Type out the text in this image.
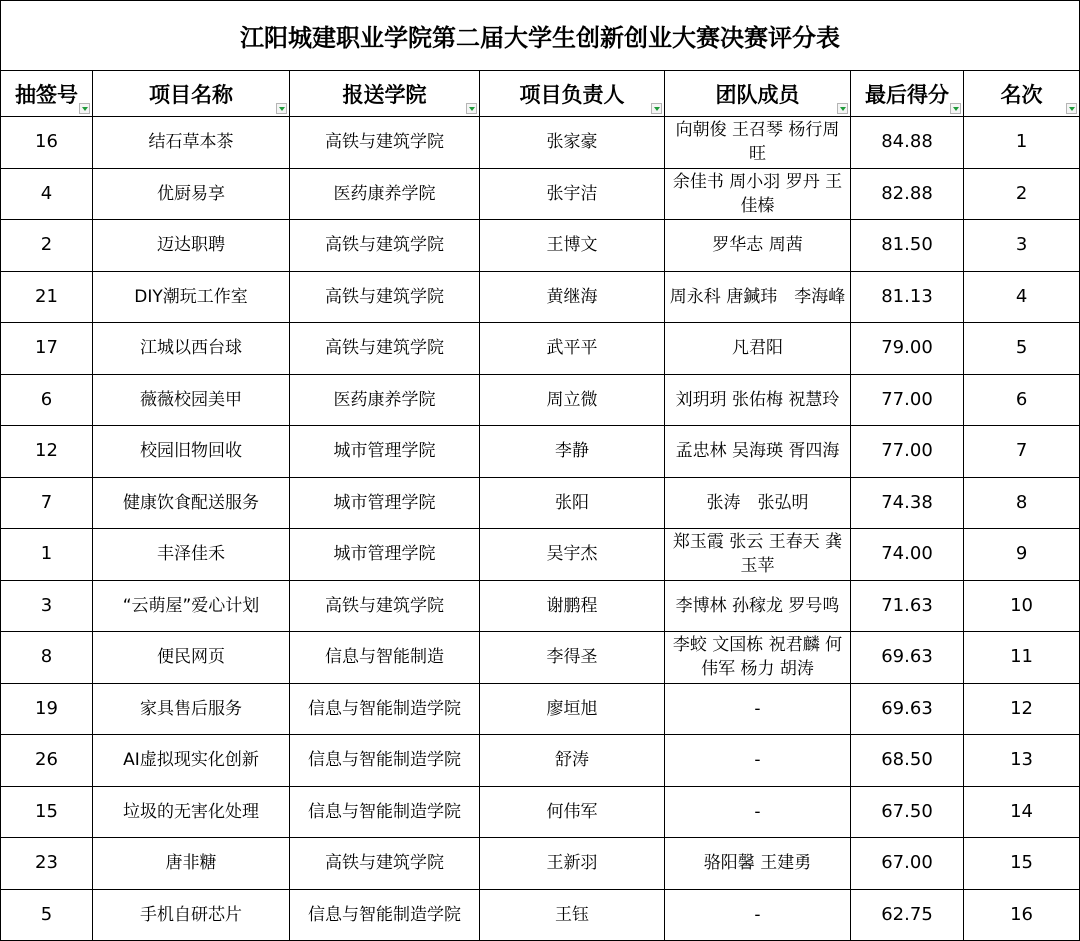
江阳城建职业学院第二届大学生创新创业大赛决赛评分表						
抽签号	项目名称	报送学院	项目负责人	团队成员	最后得分	名次

16	结石草本茶	高铁与建筑学院	张家豪	向朝俊 王召琴 杨行周旺	84.88	1
4	优厨易享	医药康养学院	张宇洁	余佳书 周小羽 罗丹 王佳榛	82.88	2
2	迈达职聘	高铁与建筑学院	王博文	罗华志 周茜	81.50	3
21	DIY潮玩工作室	高铁与建筑学院	黄继海	周永科 唐鍼玮　李海峰	81.13	4
17	江城以西台球	高铁与建筑学院	武平平	凡君阳	79.00	5
6	薇薇校园美甲	医药康养学院	周立微	刘玥玥 张佑梅 祝慧玲	77.00	6
12	校园旧物回收	城市管理学院	李静	孟忠林 吴海瑛 胥四海	77.00	7
7	健康饮食配送服务	城市管理学院	张阳	张涛　张弘明	74.38	8
1	丰泽佳禾	城市管理学院	吴宇杰	郑玉霞 张云 王春天 龚玉苹	74.00	9
3	“云萌屋”爱心计划	高铁与建筑学院	谢鹏程	李博林 孙稼龙 罗号鸣	71.63	10
8	便民网页	信息与智能制造	李得圣	李蛟 文国栋 祝君麟 何伟军 杨力 胡涛	69.63	11
19	家具售后服务	信息与智能制造学院	廖垣旭	-	69.63	12
26	AI虚拟现实化创新	信息与智能制造学院	舒涛	-	68.50	13
15	垃圾的无害化处理	信息与智能制造学院	何伟军	-	67.50	14
23	唐非糖	高铁与建筑学院	王新羽	骆阳馨 王建勇	67.00	15
5	手机自研芯片	信息与智能制造学院	王钰	-	62.75	16
